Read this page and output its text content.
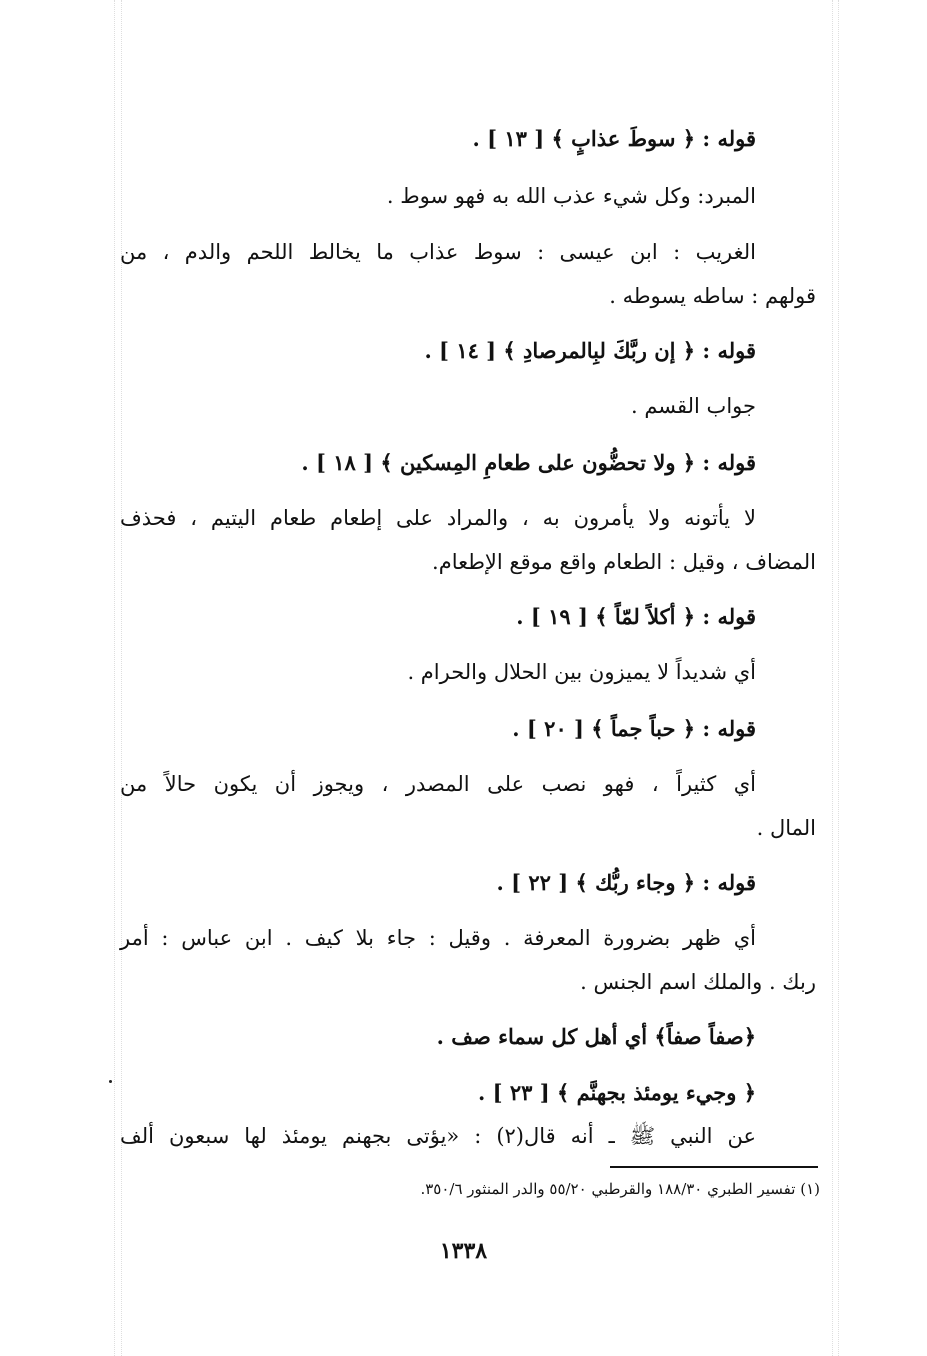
قوله : ﴿ سوطَ عذابٍ ﴾ [ ١٣ ] .
المبرد: وكل شيء عذب الله به فهو سوط .
الغريب : ابن عيسى : سوط عذاب ما يخالط اللحم والدم ، من
قولهم : ساطه يسوطه .
قوله : ﴿ إن ربَّكَ لبِالمرصادِ ﴾ [ ١٤ ] .
جواب القسم .
قوله : ﴿ ولا تحضُّون على طعامِ المِسكين ﴾ [ ١٨ ] .
لا يأتونه ولا يأمرون به ، والمراد على إطعام طعام اليتيم ، فحذف
المضاف ، وقيل : الطعام واقع موقع الإطعام.
قوله : ﴿ أكلاً لمّاً ﴾ [ ١٩ ] .
أي شديداً لا يميزون بين الحلال والحرام .
قوله : ﴿ حباً جماً ﴾ [ ٢٠ ] .
أي كثيراً ، فهو نصب على المصدر ، ويجوز أن يكون حالاً من
المال .
قوله : ﴿ وجاء ربُّك ﴾ [ ٢٢ ] .
أي ظهر بضرورة المعرفة . وقيل : جاء بلا كيف . ابن عباس : أمر
ربك . والملك اسم الجنس .
﴿صفاً صفاً﴾ أي أهل كل سماء صف .
﴿ وجيء يومئذ بجهنَّم ﴾ [ ٢٣ ] .
عن النبي ﷺ ـ أنه قال(٢) : «يؤتى بجهنم يومئذ لها سبعون ألف
(١) تفسير الطبري ١٨٨/٣٠ والقرطبي ٥٥/٢٠ والدر المنثور ٣٥٠/٦.
١٣٣٨
